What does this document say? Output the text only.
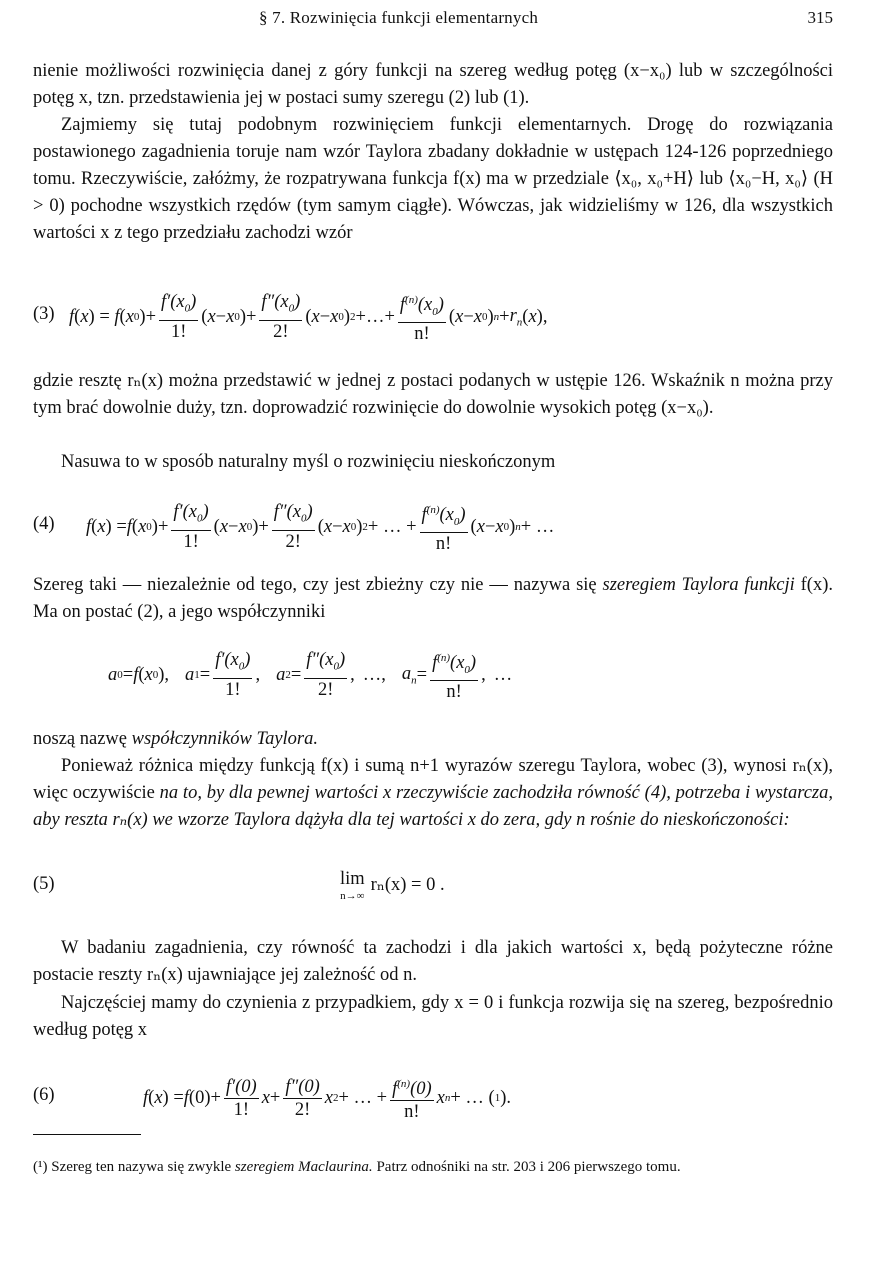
§ 7. Rozwinięcia funkcji elementarnych	315
nienie możliwości rozwinięcia danej z góry funkcji na szereg według potęg (x−x₀) lub w szczególności potęg x, tzn. przedstawienia jej w postaci sumy szeregu (2) lub (1).
Zajmiemy się tutaj podobnym rozwinięciem funkcji elementarnych. Drogę do rozwiązania postawionego zagadnienia toruje nam wzór Taylora zbadany dokładnie w ustępach 124-126 poprzedniego tomu. Rzeczywiście, załóżmy, że rozpatrywana funkcja f(x) ma w przedziale ⟨x₀, x₀+H⟩ lub ⟨x₀−H, x₀⟩ (H > 0) pochodne wszystkich rzędów (tym samym ciągłe). Wówczas, jak widzieliśmy w 126, dla wszystkich wartości x z tego przedziału zachodzi wzór
(3) f ( x ) = f ( x 0 )+
$f'(x_0)$
1!
( x − x 0 )+
$f''(x_0)$
2!
( x − x 0 ) 2 +…+
$f^{(n)}(x_0)$
n!
( x − x 0 ) $n + r_n$ ( x ),
gdzie resztę rₙ(x) można przedstawić w jednej z postaci podanych w ustępie 126. Wskaźnik n można przy tym brać dowolnie duży, tzn. doprowadzić rozwinięcie do dowolnie wysokich potęg (x−x₀).
Nasuwa to w sposób naturalny myśl o rozwinięciu nieskończonym
(4) f ( x ) = f ( x 0 )+
$f'(x_0)$
1!
( x − x 0 )+
$f''(x_0)$
2!
( x − x 0 ) 2 + … +
$f^{(n)}(x_0)$
n!
( x − x 0 ) n + …
Szereg taki — niezależnie od tego, czy jest zbieżny czy nie — nazywa się szeregiem Taylora funkcji f(x). Ma on postać (2), a jego współczynniki
a 0 = f ( x 0 ), a 1 =
$f'(x_0)$
1!
, a 2 =
$f''(x_0)$
2!
,
…, $a_n$ =
$f^{(n)}(x_0)$
n!
,
…
noszą nazwę współczynników Taylora.
Ponieważ różnica między funkcją f(x) i sumą n+1 wyrazów szeregu Taylora, wobec (3), wynosi rₙ(x), więc oczywiście na to, by dla pewnej wartości x rzeczywiście zachodziła równość (4), potrzeba i wystarcza, aby reszta rₙ(x) we wzorze Taylora dążyła dla tej wartości x do zera, gdy n rośnie do nieskończoności:
(5)	lim
n→∞
rₙ(x) = 0 .
W badaniu zagadnienia, czy równość ta zachodzi i dla jakich wartości x, będą pożyteczne różne postacie reszty rₙ(x) ujawniające jej zależność od n.
Najczęściej mamy do czynienia z przypadkiem, gdy x = 0 i funkcja rozwija się na szereg, bezpośrednio według potęg x
(6)	f ( x ) = f (0)+
f′(0)
1!
x +
f″(0)
2!
x 2 + … + $f^{(n)}(0)$
n!
x n + … ( 1 ).
(¹) Szereg ten nazywa się zwykle szeregiem Maclaurina. Patrz odnośniki na str. 203 i 206 pierwszego tomu.
